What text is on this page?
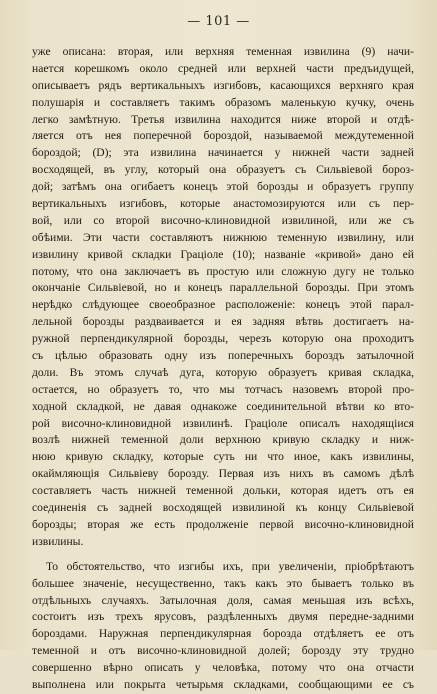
— 101 —
уже описана: вторая, или верхняя теменная извилина (9) начи-
нается корешкомъ около средней или верхней части предъидущей,
описываетъ рядъ вертикальныхъ изгибовъ, касающихся верхняго края
полушарія и составляетъ такимъ образомъ маленькую кучку, очень
легко замѣтную. Третья извилина находится ниже второй и отдѣ-
ляется отъ нея поперечной бороздой, называемой междутеменной
бороздой; (D); эта извилина начинается у нижней части задней
восходящей, въ углу, который она образуетъ съ Сильвіевой бороз-
дой; затѣмъ она огибаетъ конецъ этой борозды и образуетъ группу
вертикальныхъ изгибовъ, которые анастомозируются или съ пер-
вой, или со второй височно-клиновидной извилиной, или же съ
обѣими. Эти части составляютъ нижнюю теменную извилину, или
извилину кривой складки Граціоле (10); названіе «кривой» дано ей
потому, что она заключаетъ въ простую или сложную дугу не только
окончаніе Сильвіевой, но и конецъ параллельной борозды. При этомъ
нерѣдко слѣдующее своеобразное расположеніе: конецъ этой парал-
лельной борозды раздваивается и ея задняя вѣтвь достигаетъ на-
ружной перпендикулярной борозды, черезъ которую она проходитъ
съ цѣлью образовать одну изъ поперечныхъ бороздъ затылочной
доли. Въ этомъ случаѣ дуга, которую образуетъ кривая складка,
остается, но образуетъ то, что мы тотчасъ назовемъ второй про-
ходной складкой, не давая однакоже соединительной вѣтви ко вто-
рой височно-клиновидной извилинѣ. Граціоле описалъ находящіися
возлѣ нижней теменной доли верхнюю кривую складку и ниж-
нюю кривую складку, которые суть ни что иное, какъ извилины,
окаймляющія Сильвіеву борозду. Первая изъ нихъ въ самомъ дѣлѣ
составляетъ часть нижней теменной дольки, которая идетъ отъ ея
соединенія съ задней восходящей извилиной къ концу Сильвіевой
борозды; вторая же есть продолженіе первой височно-клиновидной
извилины.
То обстоятельство, что изгибы ихъ, при увеличеніи, пріобрѣтаютъ
большее значеніе, несущественно, такъ какъ это бываетъ только въ
отдѣльныхъ случаяхъ. Затылочная доля, самая меньшая изъ всѣхъ,
состоитъ изъ трехъ ярусовъ, раздѣленныхъ двумя передне-задними
бороздами. Наружная перпендикулярная борозда отдѣляетъ ее отъ
теменной и отъ височно-клиновидной долей; борозду эту трудно
совершенно вѣрно описать у человѣка, потому что она отчасти
выполнена или покрыта четырьмя складками, сообщающими ее съ
